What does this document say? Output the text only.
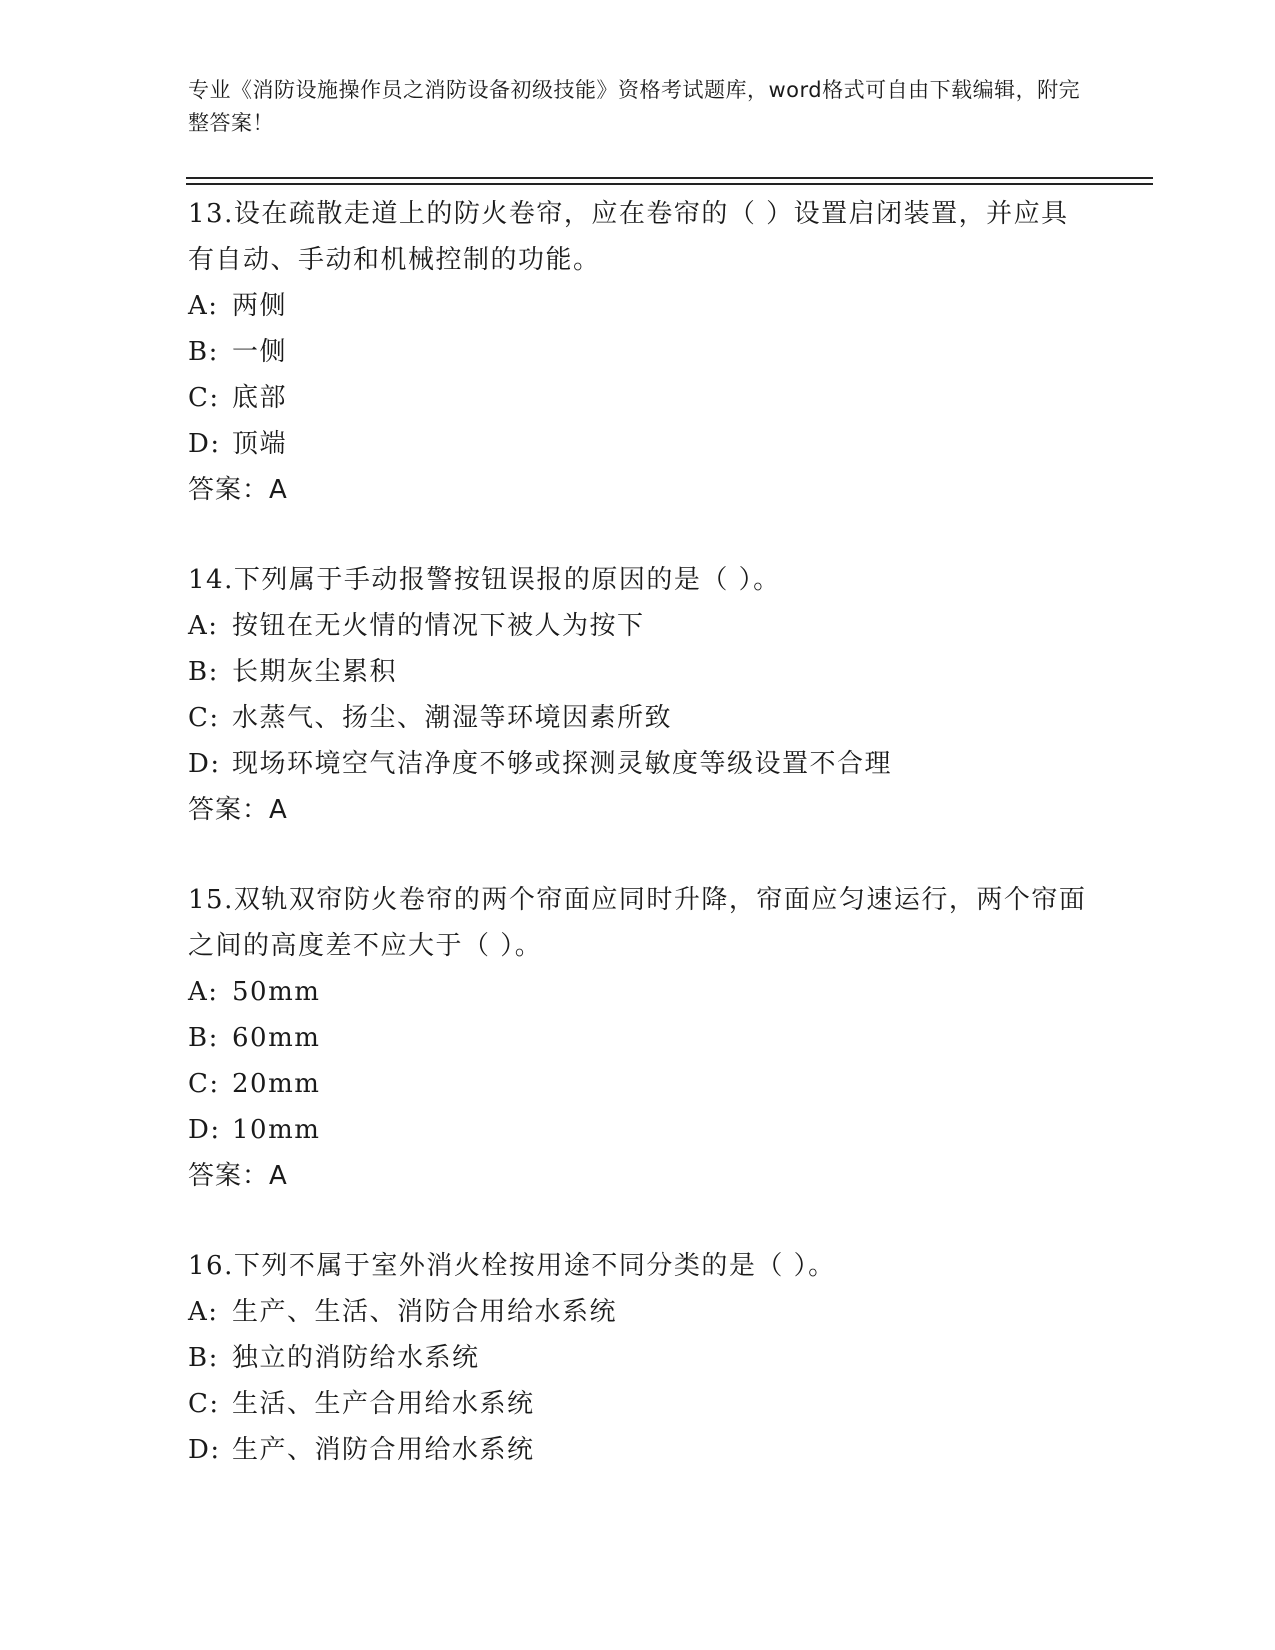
专业《消防设施操作员之消防设备初级技能》资格考试题库，word格式可自由下载编辑，附完整答案！

13.设在疏散走道上的防火卷帘，应在卷帘的（ ）设置启闭装置，并应具有自动、手动和机械控制的功能。

A: 两侧
B: 一侧
C: 底部
D: 顶端
答案：A

14.下列属于手动报警按钮误报的原因的是（ ）。

A: 按钮在无火情的情况下被人为按下
B: 长期灰尘累积
C: 水蒸气、扬尘、潮湿等环境因素所致
D: 现场环境空气洁净度不够或探测灵敏度等级设置不合理
答案：A

15.双轨双帘防火卷帘的两个帘面应同时升降，帘面应匀速运行，两个帘面之间的高度差不应大于（ ）。

A: 50mm
B: 60mm
C: 20mm
D: 10mm
答案：A

16.下列不属于室外消火栓按用途不同分类的是（ ）。

A: 生产、生活、消防合用给水系统
B: 独立的消防给水系统
C: 生活、生产合用给水系统
D: 生产、消防合用给水系统
